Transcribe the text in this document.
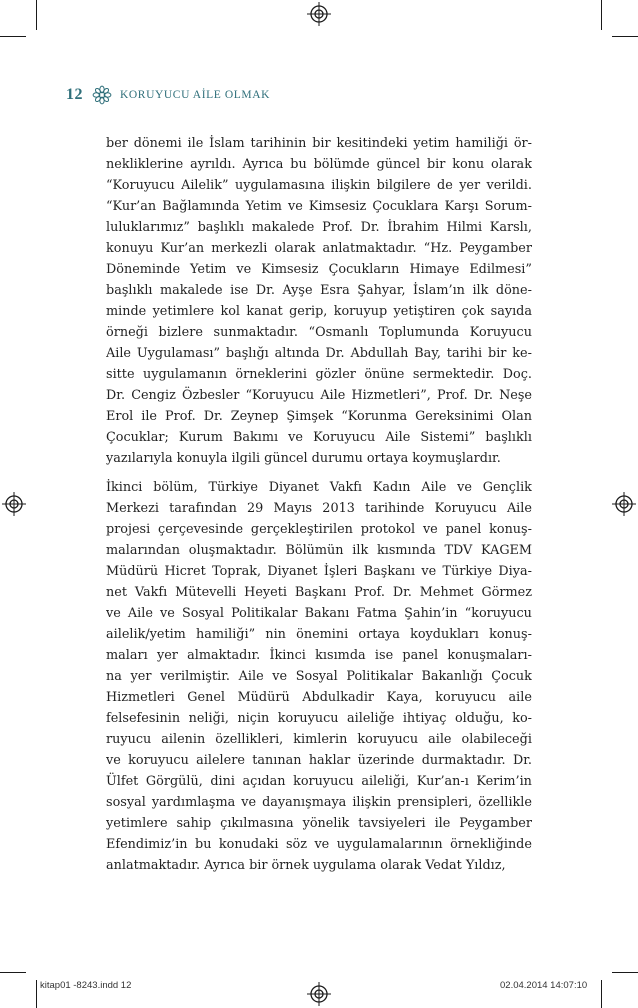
12	KORUYUCU AİLE OLMAK
ber dönemi ile İslam tarihinin bir kesitindeki yetim hamiliği ör-
nekliklerine ayrıldı. Ayrıca bu bölümde güncel bir konu olarak
“Koruyucu Ailelik” uygulamasına ilişkin bilgilere de yer verildi.
“Kur’an Bağlamında Yetim ve Kimsesiz Çocuklara Karşı Sorum-
luluklarımız” başlıklı makalede Prof. Dr. İbrahim Hilmi Karslı,
konuyu Kur’an merkezli olarak anlatmaktadır. “Hz. Peygamber
Döneminde Yetim ve Kimsesiz Çocukların Himaye Edilmesi”
başlıklı makalede ise Dr. Ayşe Esra Şahyar, İslam’ın ilk döne-
minde yetimlere kol kanat gerip, koruyup yetiştiren çok sayıda
örneği bizlere sunmaktadır. “Osmanlı Toplumunda Koruyucu
Aile Uygulaması” başlığı altında Dr. Abdullah Bay, tarihi bir ke-
sitte uygulamanın örneklerini gözler önüne sermektedir. Doç.
Dr. Cengiz Özbesler “Koruyucu Aile Hizmetleri”, Prof. Dr. Neşe
Erol ile Prof. Dr. Zeynep Şimşek “Korunma Gereksinimi Olan
Çocuklar; Kurum Bakımı ve Koruyucu Aile Sistemi” başlıklı
yazılarıyla konuyla ilgili güncel durumu ortaya koymuşlardır.
İkinci bölüm, Türkiye Diyanet Vakfı Kadın Aile ve Gençlik
Merkezi tarafından 29 Mayıs 2013 tarihinde Koruyucu Aile
projesi çerçevesinde gerçekleştirilen protokol ve panel konuş-
malarından oluşmaktadır. Bölümün ilk kısmında TDV KAGEM
Müdürü Hicret Toprak, Diyanet İşleri Başkanı ve Türkiye Diya-
net Vakfı Mütevelli Heyeti Başkanı Prof. Dr. Mehmet Görmez
ve Aile ve Sosyal Politikalar Bakanı Fatma Şahin’in “koruyucu
ailelik/yetim hamiliği” nin önemini ortaya koydukları konuş-
maları yer almaktadır. İkinci kısımda ise panel konuşmaları-
na yer verilmiştir. Aile ve Sosyal Politikalar Bakanlığı Çocuk
Hizmetleri Genel Müdürü Abdulkadir Kaya, koruyucu aile
felsefesinin neliği, niçin koruyucu aileliğe ihtiyaç olduğu, ko-
ruyucu ailenin özellikleri, kimlerin koruyucu aile olabileceği
ve koruyucu ailelere tanınan haklar üzerinde durmaktadır. Dr.
Ülfet Görgülü, dini açıdan koruyucu aileliği, Kur’an-ı Kerim’in
sosyal yardımlaşma ve dayanışmaya ilişkin prensipleri, özellikle
yetimlere sahip çıkılmasına yönelik tavsiyeleri ile Peygamber
Efendimiz’in bu konudaki söz ve uygulamalarının örnekliğinde
anlatmaktadır. Ayrıca bir örnek uygulama olarak Vedat Yıldız,
kitap01 -8243.indd 12	02.04.2014 14:07:10
